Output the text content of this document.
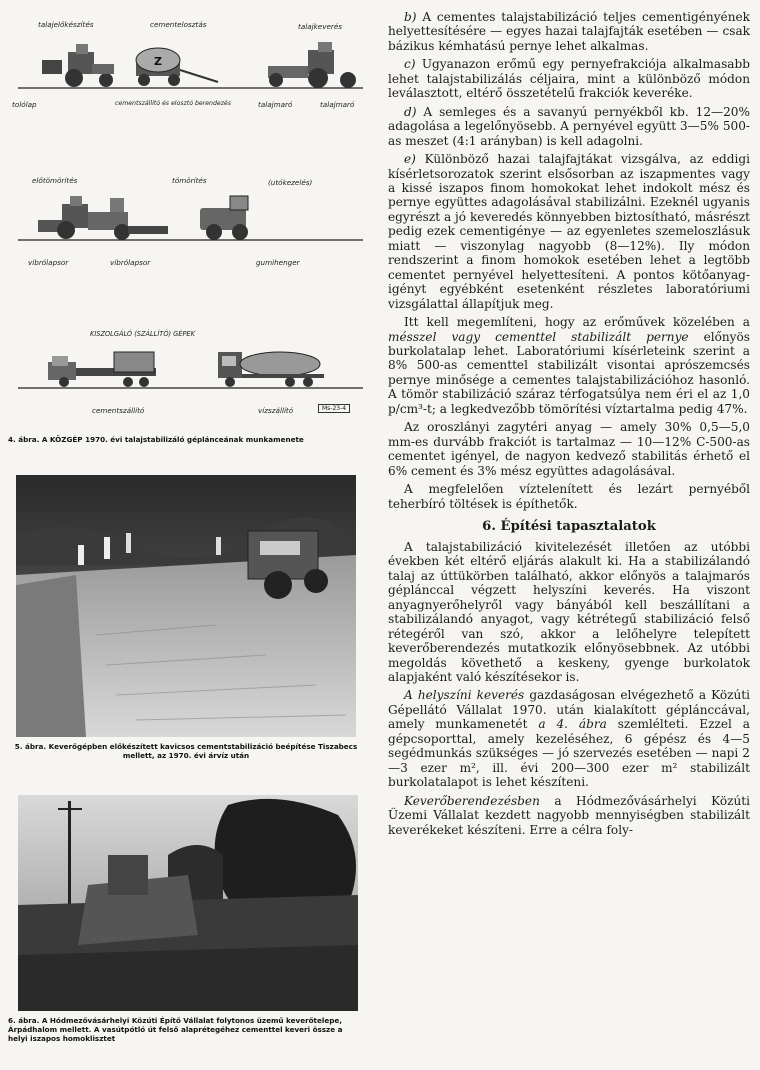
talajelőkészítés	cementelosztás	talajkeverés
Z
tolólap	cementszállító és elosztó berendezés	talajmaró	talajmaró
előtömörítés	tömörítés	(utókezelés)
vibrólapsor	vibrólapsor	gumihenger
KISZOLGÁLÓ (SZÁLLÍTÓ) GÉPEK
cementszállító	vízszállító	Ms-23-4
4. ábra. A KÖZGÉP 1970. évi talajstabilizáló géplánceának munkamenete
5. ábra. Keverőgépben előkészített kavicsos cementstabilizáció beépítése Tiszabecs mellett, az 1970. évi árvíz után
6. ábra. A Hódmezővásárhelyi Közúti Építő Vállalat folytonos üzemű keverőtelepe, Árpádhalom mellett. A vasútpótló út felső alaprétegéhez cementtel keveri össze a helyi iszapos homoklisztet

b) A cementes talajstabilizáció teljes cementigényének helyettesítésére — egyes hazai talajfajták esetében — csak bázikus kémhatású pernye lehet alkalmas.

c) Ugyanazon erőmű egy pernyefrakciója alkalmasabb lehet talajstabilizálás céljaira, mint a különböző módon leválasztott, eltérő összetételű frakciók keveréke.

d) A semleges és a savanyú pernyékből kb. 12—20% adagolása a legelőnyösebb. A pernyével együtt 3—5% 500-as meszet (4:1 arányban) is kell adagolni.

e) Különböző hazai talajfajtákat vizsgálva, az eddigi kísérletsorozatok szerint elsősorban az iszapmentes vagy a kissé iszapos finom homokokat lehet indokolt mész és pernye együttes adagolásával stabilizálni. Ezeknél ugyanis egyrészt a jó keveredés könnyebben biztosítható, másrészt pedig ezek cementigénye — az egyenletes szemeloszlásuk miatt — viszonylag nagyobb (8—12%). Ily módon rendszerint a finom homokok esetében lehet a legtöbb cementet pernyével helyettesíteni. A pontos kötőanyag-igényt egyébként esetenként részletes laboratóriumi vizsgálattal állapítjuk meg.

Itt kell megemlíteni, hogy az erőművek közelében a mésszel vagy cementtel stabilizált pernye előnyös burkolatalap lehet. Laboratóriumi kísérleteink szerint a 8% 500-as cementtel stabilizált visontai aprószemcsés pernye minősége a cementes talajstabilizációhoz hasonló. A tömör stabilizáció száraz térfogatsúlya nem éri el az 1,0 p/cm³-t; a legkedvezőbb tömörítési víztartalma pedig 47%.

Az oroszlányi zagytéri anyag — amely 30% 0,5—5,0 mm-es durvább frakciót is tartalmaz — 10—12% C-500-as cementet igényel, de nagyon kedvező stabilitás érhető el 6% cement és 3% mész együttes adagolásával.

A megfelelően víztelenített és lezárt pernyéből teherbíró töltések is építhetők.

6. Építési tapasztalatok

A talajstabilizáció kivitelezését illetően az utóbbi években két eltérő eljárás alakult ki. Ha a stabilizálandó talaj az úttükörben található, akkor előnyös a talajmarós géplánccal végzett helyszíni keverés. Ha viszont anyagnyerőhelyről vagy bányából kell beszállítani a stabilizálandó anyagot, vagy kétrétegű stabilizáció felső rétegéről van szó, akkor a lelőhelyre telepített keverőberendezés mutatkozik előnyösebbnek. Az utóbbi megoldás követhető a keskeny, gyenge burkolatok alapjaként való készítésekor is.

A helyszíni keverés gazdaságosan elvégezhető a Közúti Gépellátó Vállalat 1970. után kialakított géplánccával, amely munkamenetét a 4. ábra szemlélteti. Ezzel a gépcsoporttal, amely kezeléséhez, 6 gépész és 4—5 segédmunkás szükséges — jó szervezés esetében — napi 2—3 ezer m², ill. évi 200—300 ezer m² stabilizált burkolatalapot is lehet készíteni.

Keverőberendezésben a Hódmezővásárhelyi Közúti Üzemi Vállalat kezdett nagyobb mennyiségben stabilizált keverékeket készíteni. Erre a célra foly-
